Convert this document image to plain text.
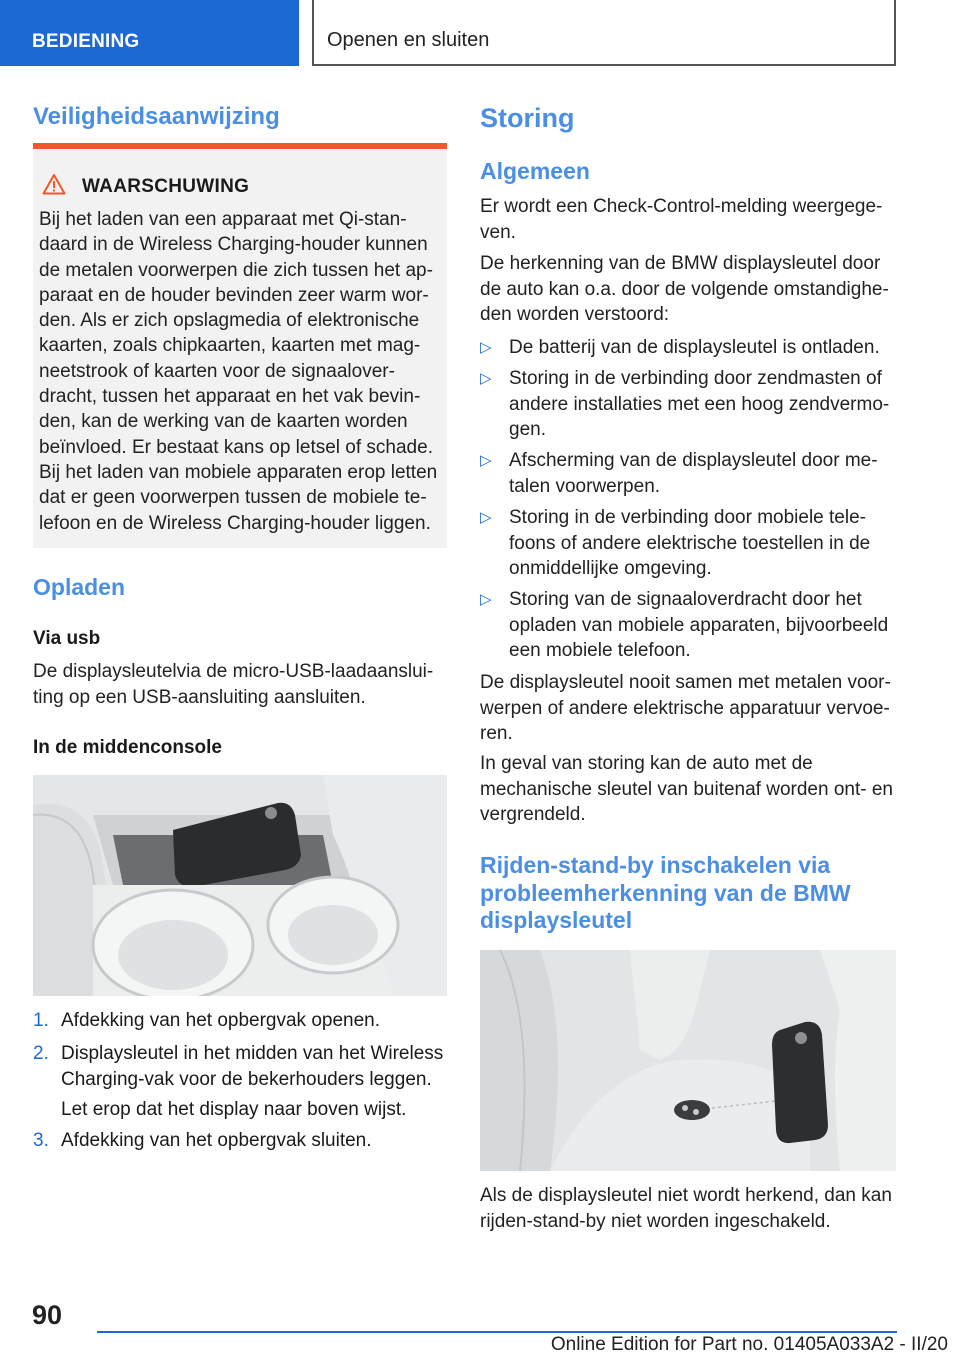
BEDIENING	Openen en sluiten
Veiligheidsaanwijzing
WAARSCHUWING
Bij het laden van een apparaat met Qi-standaard in de Wireless Charging-houder kunnen de metalen voorwerpen die zich tussen het apparaat en de houder bevinden zeer warm worden. Als er zich opslagmedia of elektronische kaarten, zoals chipkaarten, kaarten met magneetstrook of kaarten voor de signaaloverdracht, tussen het apparaat en het vak bevinden, kan de werking van de kaarten worden beïnvloed. Er bestaat kans op letsel of schade. Bij het laden van mobiele apparaten erop letten dat er geen voorwerpen tussen de mobiele telefoon en de Wireless Charging-houder liggen.
Opladen
Via usb

De displaysleutelvia de micro-USB-laadaansluiting op een USB-aansluiting aansluiten.

In de middenconsole
1. Afdekking van het opbergvak openen.
2. Displaysleutel in het midden van het Wireless Charging-vak voor de bekerhouders leggen.
Let erop dat het display naar boven wijst.
3. Afdekking van het opbergvak sluiten.
Storing
Algemeen

Er wordt een Check-Control-melding weergegeven.

De herkenning van de BMW displaysleutel door de auto kan o.a. door de volgende omstandigheden worden verstoord:

▷ De batterij van de displaysleutel is ontladen.
▷ Storing in de verbinding door zendmasten of andere installaties met een hoog zendvermogen.
▷ Afscherming van de displaysleutel door metalen voorwerpen.
▷ Storing in de verbinding door mobiele telefoons of andere elektrische toestellen in de onmiddellijke omgeving.
▷ Storing van de signaaloverdracht door het opladen van mobiele apparaten, bijvoorbeeld een mobiele telefoon.

De displaysleutel nooit samen met metalen voorwerpen of andere elektrische apparatuur vervoeren.

In geval van storing kan de auto met de mechanische sleutel van buitenaf worden ont- en vergrendeld.

Rijden-stand-by inschakelen via probleemherkenning van de BMW displaysleutel

Als de displaysleutel niet wordt herkend, dan kan rijden-stand-by niet worden ingeschakeld.

90
Online Edition for Part no. 01405A033A2 - II/20
